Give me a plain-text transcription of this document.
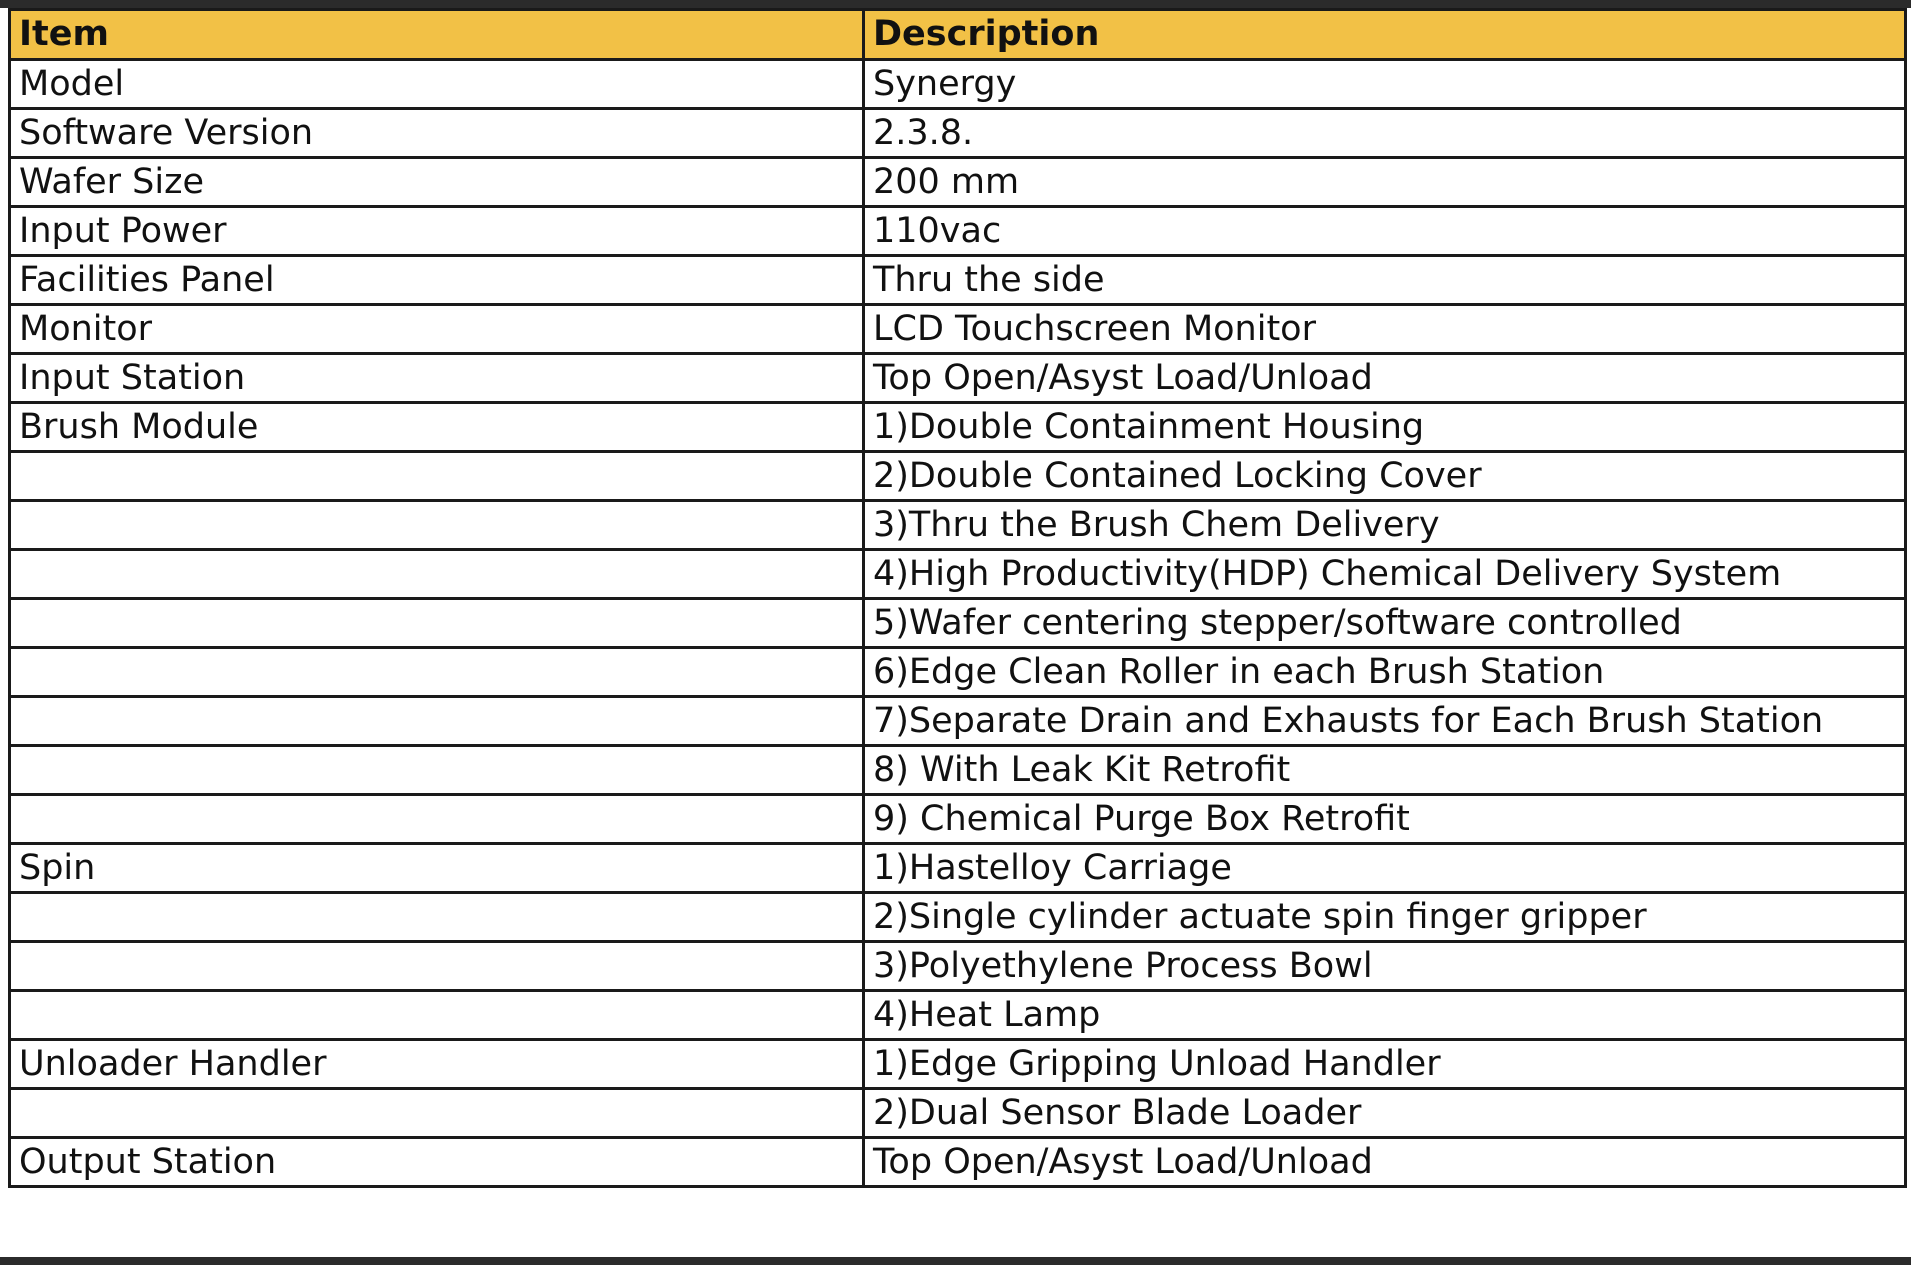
Item	Description
Model	Synergy
Software Version	2.3.8.
Wafer Size	200 mm
Input Power	110vac
Facilities Panel	Thru the side
Monitor	LCD Touchscreen Monitor
Input Station	Top Open/Asyst Load/Unload
Brush Module	1)Double Containment Housing
	2)Double Contained Locking Cover
	3)Thru the Brush Chem Delivery
	4)High Productivity(HDP) Chemical Delivery System
	5)Wafer centering stepper/software controlled
	6)Edge Clean Roller in each Brush Station
	7)Separate Drain and Exhausts for Each Brush Station
	8) With Leak Kit Retrofit
	9) Chemical Purge Box Retrofit
Spin	1)Hastelloy Carriage
	2)Single cylinder actuate spin finger gripper
	3)Polyethylene Process Bowl
	4)Heat Lamp
Unloader Handler	1)Edge Gripping Unload Handler
	2)Dual Sensor Blade Loader
Output Station	Top Open/Asyst Load/Unload
